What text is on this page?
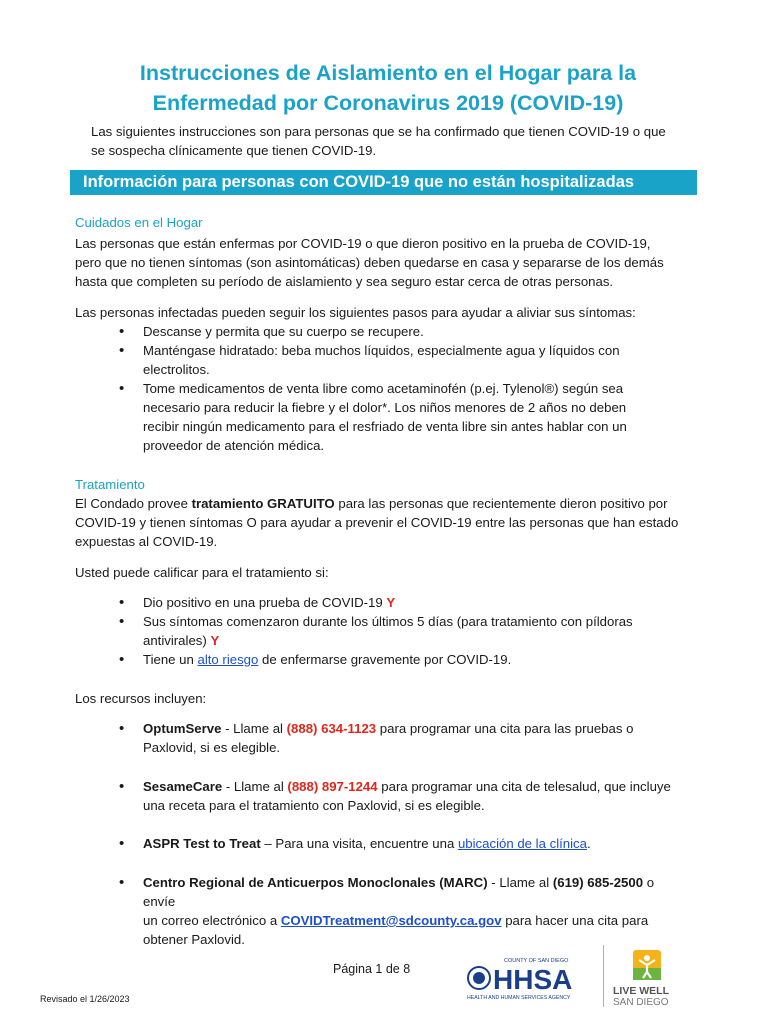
Instrucciones de Aislamiento en el Hogar para la
Enfermedad por Coronavirus 2019 (COVID-19)
Las siguientes instrucciones son para personas que se ha confirmado que tienen COVID-19 o que
se sospecha clínicamente que tienen COVID-19.
Información para personas con COVID-19 que no están hospitalizadas
Cuidados en el Hogar
Las personas que están enfermas por COVID-19 o que dieron positivo en la prueba de COVID-19,
pero que no tienen síntomas (son asintomáticas) deben quedarse en casa y separarse de los demás
hasta que completen su período de aislamiento y sea seguro estar cerca de otras personas.
Las personas infectadas pueden seguir los siguientes pasos para ayudar a aliviar sus síntomas:
• Descanse y permita que su cuerpo se recupere.
• Manténgase hidratado: beba muchos líquidos, especialmente agua y líquidos con
electrolitos.
• Tome medicamentos de venta libre como acetaminofén (p.ej. Tylenol®) según sea
necesario para reducir la fiebre y el dolor*. Los niños menores de 2 años no deben
recibir ningún medicamento para el resfriado de venta libre sin antes hablar con un
proveedor de atención médica.
Tratamiento
El Condado provee tratamiento GRATUITO para las personas que recientemente dieron positivo por
COVID-19 y tienen síntomas O para ayudar a prevenir el COVID-19 entre las personas que han estado
expuestas al COVID-19.
Usted puede calificar para el tratamiento si:
• Dio positivo en una prueba de COVID-19 Y
• Sus síntomas comenzaron durante los últimos 5 días (para tratamiento con píldoras
antivirales) Y
• Tiene un alto riesgo de enfermarse gravemente por COVID-19.
Los recursos incluyen:
• OptumServe - Llame al (888) 634-1123 para programar una cita para las pruebas o
Paxlovid, si es elegible.
• SesameCare - Llame al (888) 897-1244 para programar una cita de telesalud, que incluye
una receta para el tratamiento con Paxlovid, si es elegible.
• ASPR Test to Treat – Para una visita, encuentre una ubicación de la clínica.
• Centro Regional de Anticuerpos Monoclonales (MARC) - Llame al (619) 685-2500 o envíe
un correo electrónico a COVIDTreatment@sdcounty.ca.gov para hacer una cita para
obtener Paxlovid.
Página 1 de 8
Revisado el 1/26/2023
COUNTY OF SAN DIEGO
HHSA
HEALTH AND HUMAN SERVICES AGENCY
LIVE WELL
SAN DIEGO
